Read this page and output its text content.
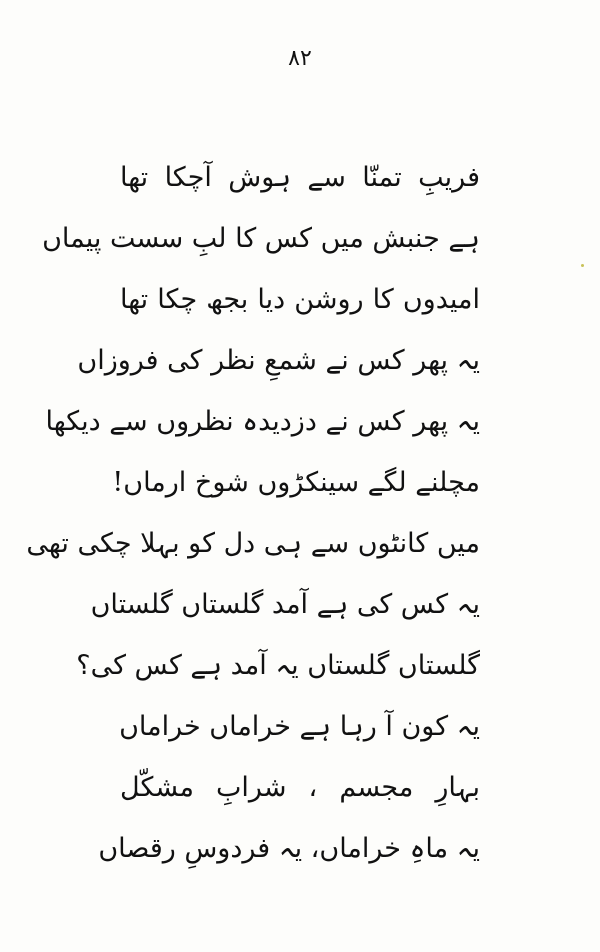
۸۲
فریبِ تمنّا سے ہوش آچکا تھا
ہے جنبش میں کس کا لبِ سست پیماں
امیدوں کا روشن دیا بجھ چکا تھا
یہ پھر کس نے شمعِ نظر کی فروزاں
یہ پھر کس نے دزدیدہ نظروں سے دیکھا
مچلنے لگے سینکڑوں شوخ ارماں!
میں کانٹوں سے ہی دل کو بہلا چکی تھی
یہ کس کی ہے آمد گلستاں گلستاں
گلستاں گلستاں یہ آمد ہے کس کی؟
یہ کون آ رہا ہے خراماں خراماں
بہارِ مجسم ، شرابِ مشکّل
یہ ماہِ خراماں، یہ فردوسِ رقصاں
